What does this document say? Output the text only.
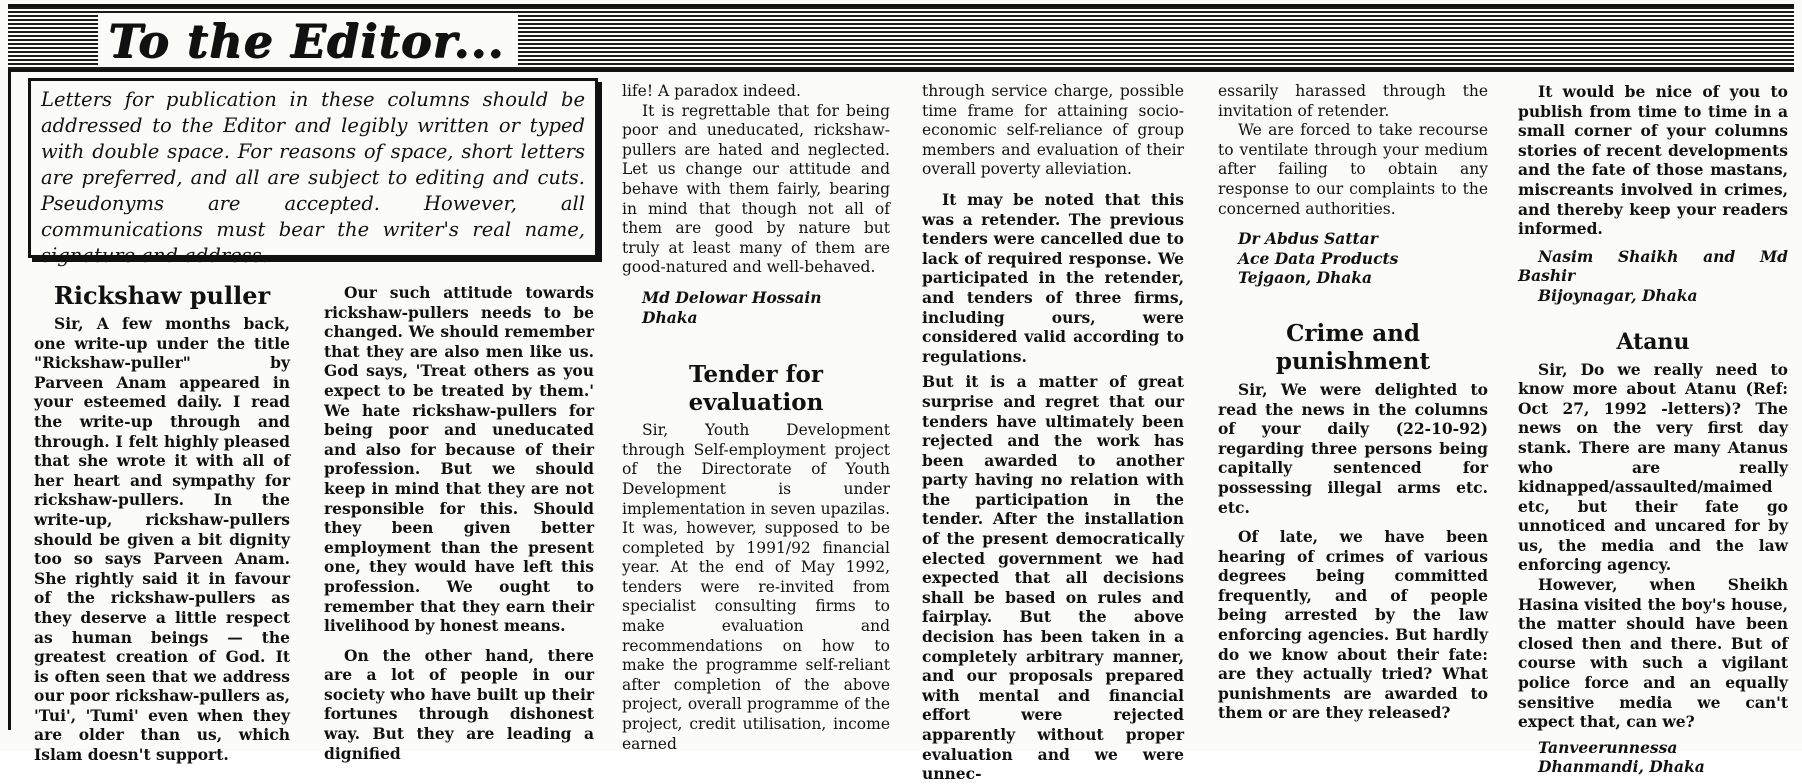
To the Editor...
Letters for publication in these columns should be addressed to the Editor and legibly written or typed with double space. For reasons of space, short letters are preferred, and all are subject to editing and cuts. Pseudonyms are accepted. However, all communications must bear the writer's real name, signature and address.
Rickshaw puller

Sir, A few months back, one write-up under the title "Rickshaw-puller" by Parveen Anam appeared in your esteemed daily. I read the write-up through and through. I felt highly pleased that she wrote it with all of her heart and sympathy for rickshaw-pullers. In the write-up, rickshaw-pullers should be given a bit dignity too so says Parveen Anam. She rightly said it in favour of the rickshaw-pullers as they deserve a little respect as human beings — the greatest creation of God. It is often seen that we address our poor rickshaw-pullers as, 'Tui', 'Tumi' even when they are older than us, which Islam doesn't support.

Our such attitude towards rickshaw-pullers needs to be changed. We should remember that they are also men like us. God says, 'Treat others as you expect to be treated by them.' We hate rickshaw-pullers for being poor and uneducated and also for because of their profession. But we should keep in mind that they are not responsible for this. Should they been given better employment than the present one, they would have left this profession. We ought to remember that they earn their livelihood by honest means.

On the other hand, there are a lot of people in our society who have built up their fortunes through dishonest way. But they are leading a dignified

life! A paradox indeed.

It is regrettable that for being poor and uneducated, rickshaw-pullers are hated and neglected. Let us change our attitude and behave with them fairly, bearing in mind that though not all of them are good by nature but truly at least many of them are good-natured and well-behaved.

Md Delowar Hossain

Dhaka

Tender for evaluation

Sir, Youth Development through Self-employment project of the Directorate of Youth Development is under implementation in seven upazilas. It was, however, supposed to be completed by 1991/92 financial year. At the end of May 1992, tenders were re-invited from specialist consulting firms to make evaluation and recommendations on how to make the programme self-reliant after completion of the above project, overall programme of the project, credit utilisation, income earned

through service charge, possible time frame for attaining socio-economic self-reliance of group members and evaluation of their overall poverty alleviation.

It may be noted that this was a retender. The previous tenders were cancelled due to lack of required response. We participated in the retender, and tenders of three firms, including ours, were considered valid according to regulations.

But it is a matter of great surprise and regret that our tenders have ultimately been rejected and the work has been awarded to another party having no relation with the participation in the tender. After the installation of the present democratically elected government we had expected that all decisions shall be based on rules and fairplay. But the above decision has been taken in a completely arbitrary manner, and our proposals prepared with mental and financial effort were rejected apparently without proper evaluation and we were unnec-

essarily harassed through the invitation of retender.

We are forced to take recourse to ventilate through your medium after failing to obtain any response to our complaints to the concerned authorities.

Dr Abdus Sattar

Ace Data Products

Tejgaon, Dhaka

Crime and punishment

Sir, We were delighted to read the news in the columns of your daily (22-10-92) regarding three persons being capitally sentenced for possessing illegal arms etc. etc.

Of late, we have been hearing of crimes of various degrees being committed frequently, and of people being arrested by the law enforcing agencies. But hardly do we know about their fate: are they actually tried? What punishments are awarded to them or are they released?

It would be nice of you to publish from time to time in a small corner of your columns stories of recent developments and the fate of those mastans, miscreants involved in crimes, and thereby keep your readers informed.

Nasim Shaikh and Md Bashir

Bijoynagar, Dhaka

Atanu

Sir, Do we really need to know more about Atanu (Ref: Oct 27, 1992 -letters)? The news on the very first day stank. There are many Atanus who are really kidnapped/assaulted/maimed etc, but their fate go unnoticed and uncared for by us, the media and the law enforcing agency.

However, when Sheikh Hasina visited the boy's house, the matter should have been closed then and there. But of course with such a vigilant police force and an equally sensitive media we can't expect that, can we?

Tanveerunnessa

Dhanmandi, Dhaka
